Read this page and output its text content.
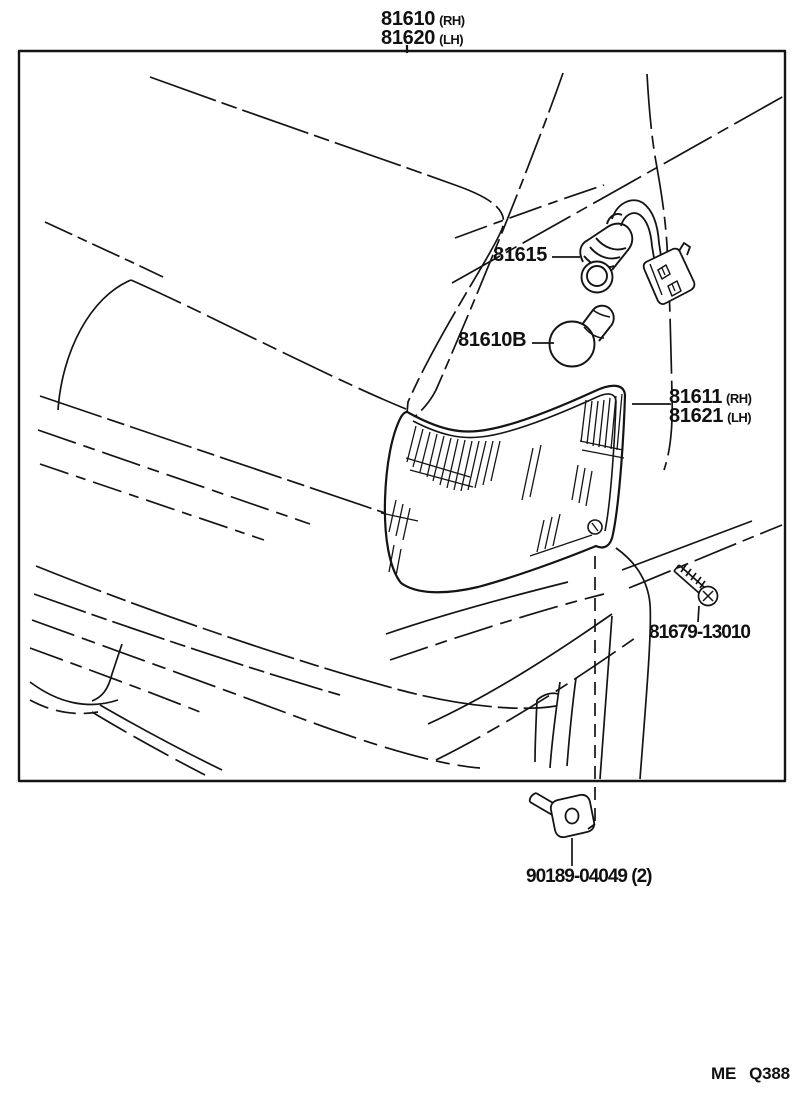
81610 (RH)
81620 (LH)
81615
81610B
81611 (RH)
81621 (LH)
81679-13010
90189-04049 (2)
ME Q388
